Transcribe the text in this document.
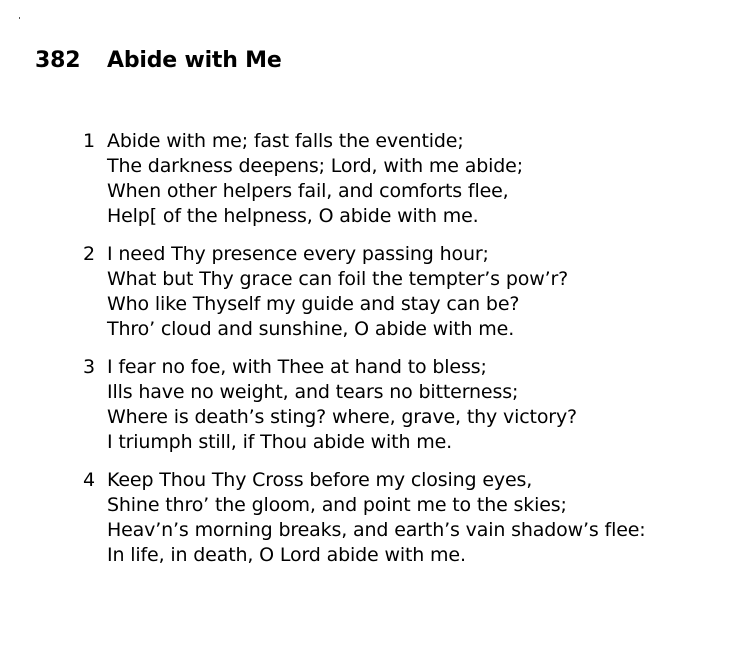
382	Abide with Me
1 Abide with me; fast falls the eventide;
The darkness deepens; Lord, with me abide;
When other helpers fail, and comforts flee,
Help[ of the helpness, O abide with me.
2 I need Thy presence every passing hour;
What but Thy grace can foil the tempter’s pow’r?
Who like Thyself my guide and stay can be?
Thro’ cloud and sunshine, O abide with me.
3 I fear no foe, with Thee at hand to bless;
Ills have no weight, and tears no bitterness;
Where is death’s sting? where, grave, thy victory?
I triumph still, if Thou abide with me.
4 Keep Thou Thy Cross before my closing eyes,
Shine thro’ the gloom, and point me to the skies;
Heav’n’s morning breaks, and earth’s vain shadow’s flee:
In life, in death, O Lord abide with me.
